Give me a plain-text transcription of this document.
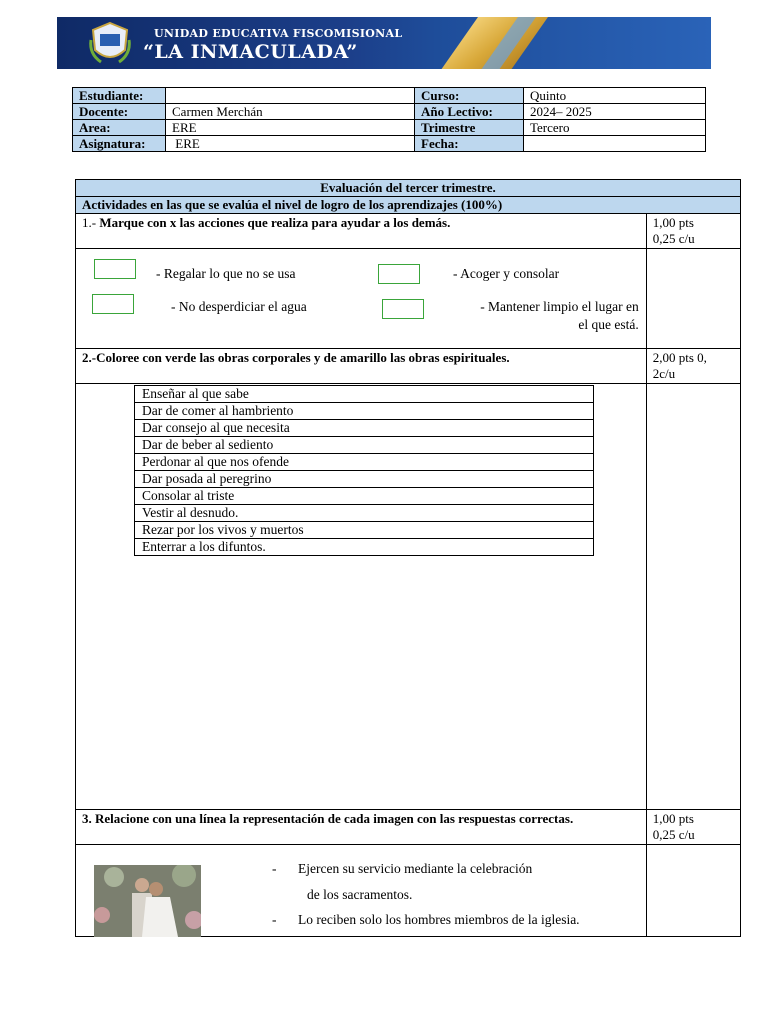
UNIDAD EDUCATIVA FISCOMISIONAL
“LA INMACULADA”
Estudiante:		Curso:	Quinto
Docente:	Carmen Merchán	Año Lectivo:	2024– 2025
Area:	ERE	Trimestre	Tercero
Asignatura:	ERE	Fecha:	
Evaluación del tercer trimestre.
Actividades en las que se evalúa el nivel de logro de los aprendizajes (100%)
1.- Marque con x las acciones que realiza para ayudar a los demás.	1,00 pts
0,25 c/u

- Regalar lo que no se usa	- Acoger y consolar
- No desperdiciar el agua	- Mantener limpio el lugar en
el que está.

2.-Coloree con verde las obras corporales y de amarillo las obras espirituales.	2,00 pts 0,
2c/u

Enseñar al que sabe
Dar de comer al hambriento
Dar consejo al que necesita
Dar de beber al sediento
Perdonar al que nos ofende
Dar posada al peregrino
Consolar al triste
Vestir al desnudo.
Rezar por los vivos y muertos
Enterrar a los difuntos.

3. Relacione con una línea la representación de cada imagen con las respuestas correctas.	1,00 pts
0,25 c/u

- Ejercen su servicio mediante la celebración
de los sacramentos.
- Lo reciben solo los hombres miembros de la iglesia.
